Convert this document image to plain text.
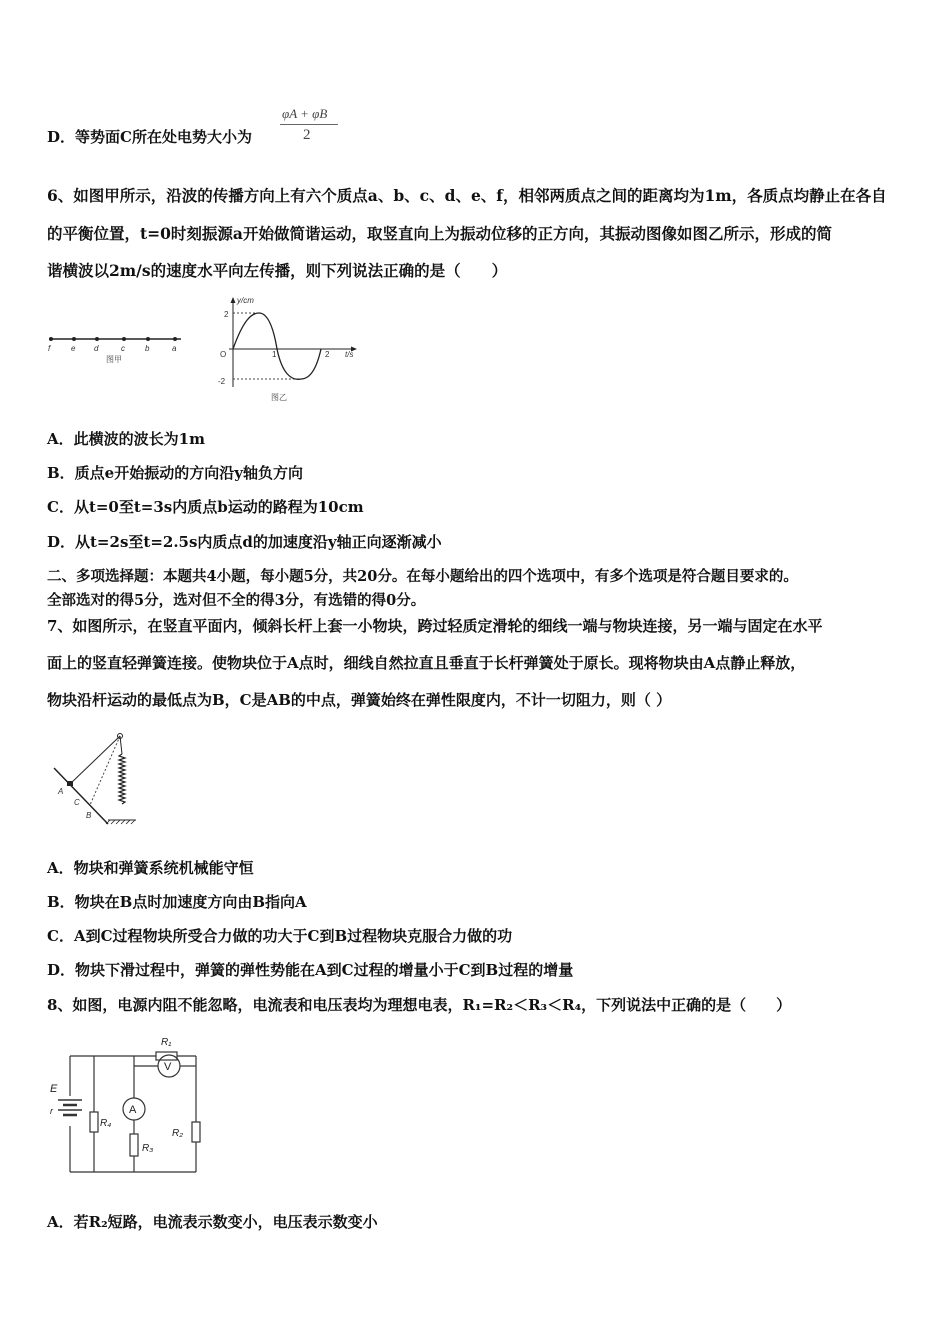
D．等势面C所在处电势大小为
φA + φB
2
6、如图甲所示，沿波的传播方向上有六个质点a、b、c、d、e、f，相邻两质点之间的距离均为1m，各质点均静止在各自
的平衡位置，t=0时刻振源a开始做简谐运动，取竖直向上为振动位移的正方向，其振动图像如图乙所示，形成的简
谐横波以2m/s的速度水平向左传播，则下列说法正确的是（　　）
f	e d	c	b	a
图甲
y/cm
t/s
O
2
-2
1	2
图乙
A．此横波的波长为1m
B．质点e开始振动的方向沿y轴负方向
C．从t=0至t=3s内质点b运动的路程为10cm
D．从t=2s至t=2.5s内质点d的加速度沿y轴正向逐渐减小
二、多项选择题：本题共4小题，每小题5分，共20分。在每小题给出的四个选项中，有多个选项是符合题目要求的。
全部选对的得5分，选对但不全的得3分，有选错的得0分。
7、如图所示，在竖直平面内，倾斜长杆上套一小物块，跨过轻质定滑轮的细线一端与物块连接，另一端与固定在水平
面上的竖直轻弹簧连接。使物块位于A点时，细线自然拉直且垂直于长杆弹簧处于原长。现将物块由A点静止释放，
物块沿杆运动的最低点为B，C是AB的中点，弹簧始终在弹性限度内，不计一切阻力，则（ ）
A
C
B
A．物块和弹簧系统机械能守恒
B．物块在B点时加速度方向由B指向A
C．A到C过程物块所受合力做的功大于C到B过程物块克服合力做的功
D．物块下滑过程中，弹簧的弹性势能在A到C过程的增量小于C到B过程的增量
8、如图，电源内阻不能忽略，电流表和电压表均为理想电表，R₁=R₂＜R₃＜R₄，下列说法中正确的是（　　）
R₁
R₄
R₃
R₂
A
V
E
r
A．若R₂短路，电流表示数变小，电压表示数变小
